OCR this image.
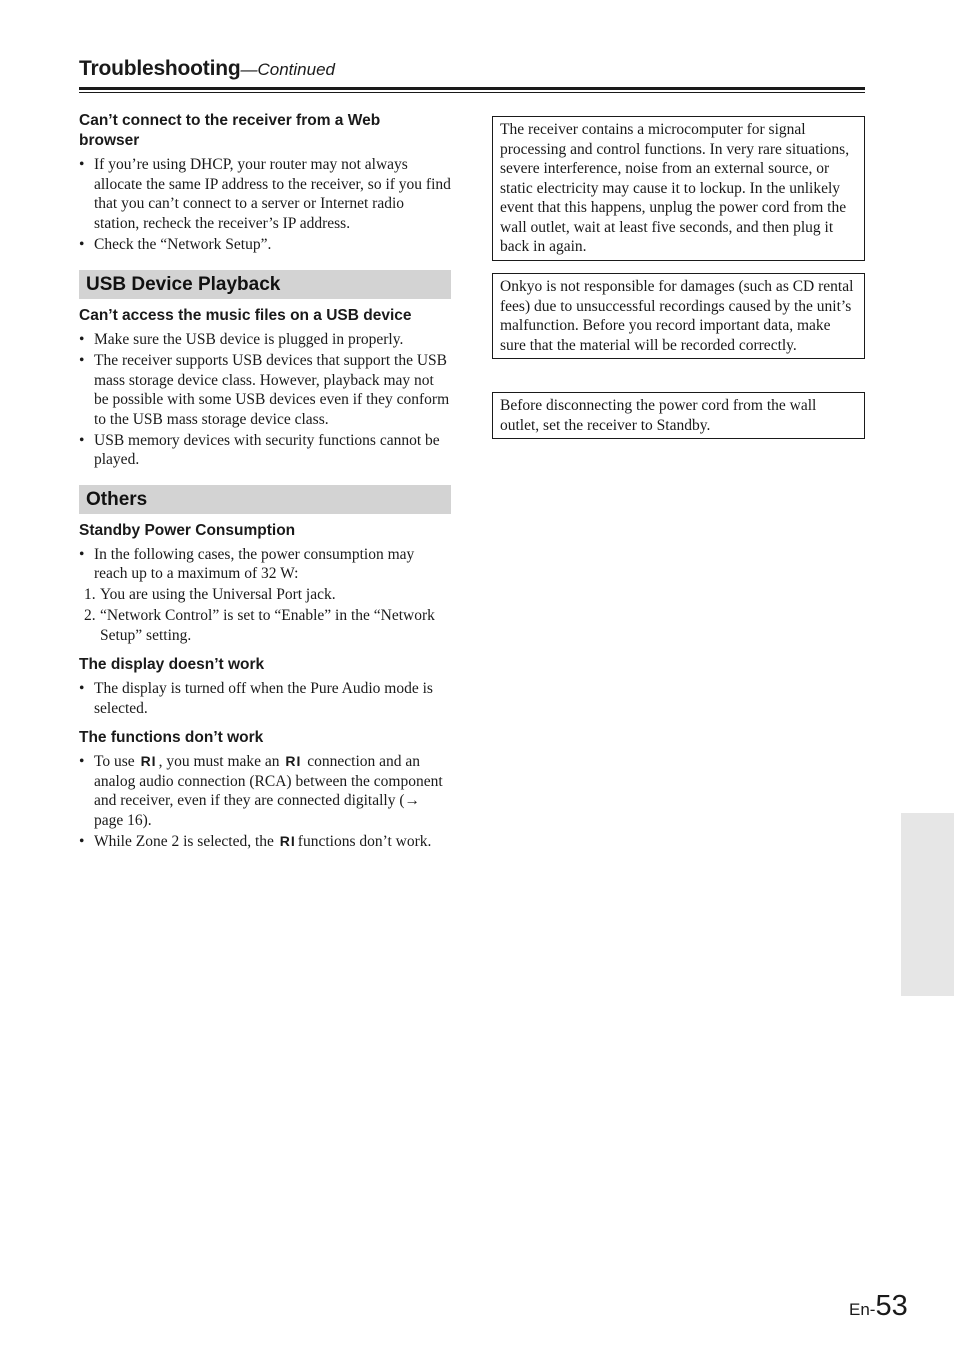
Troubleshooting—Continued
Can’t connect to the receiver from a Web browser
• If you’re using DHCP, your router may not always allocate the same IP address to the receiver, so if you find that you can’t connect to a server or Internet radio station, recheck the receiver’s IP address.
• Check the “Network Setup”.
USB Device Playback
Can’t access the music files on a USB device
• Make sure the USB device is plugged in properly.
• The receiver supports USB devices that support the USB mass storage device class. However, playback may not be possible with some USB devices even if they conform to the USB mass storage device class.
• USB memory devices with security functions cannot be played.
Others
Standby Power Consumption
• In the following cases, the power consumption may reach up to a maximum of 32 W:
1. You are using the Universal Port jack.
2. “Network Control” is set to “Enable” in the “Network Setup” setting.
The display doesn’t work
• The display is turned off when the Pure Audio mode is selected.
The functions don’t work
• To use RI , you must make an RI connection and an analog audio connection (RCA) between the component and receiver, even if they are connected digitally (→ page 16).
• While Zone 2 is selected, the RI functions don’t work.
The receiver contains a microcomputer for signal processing and control functions. In very rare situations, severe interference, noise from an external source, or static electricity may cause it to lockup. In the unlikely event that this happens, unplug the power cord from the wall outlet, wait at least five seconds, and then plug it back in again.
Onkyo is not responsible for damages (such as CD rental fees) due to unsuccessful recordings caused by the unit’s malfunction. Before you record important data, make sure that the material will be recorded correctly.
Before disconnecting the power cord from the wall outlet, set the receiver to Standby.
En-53
